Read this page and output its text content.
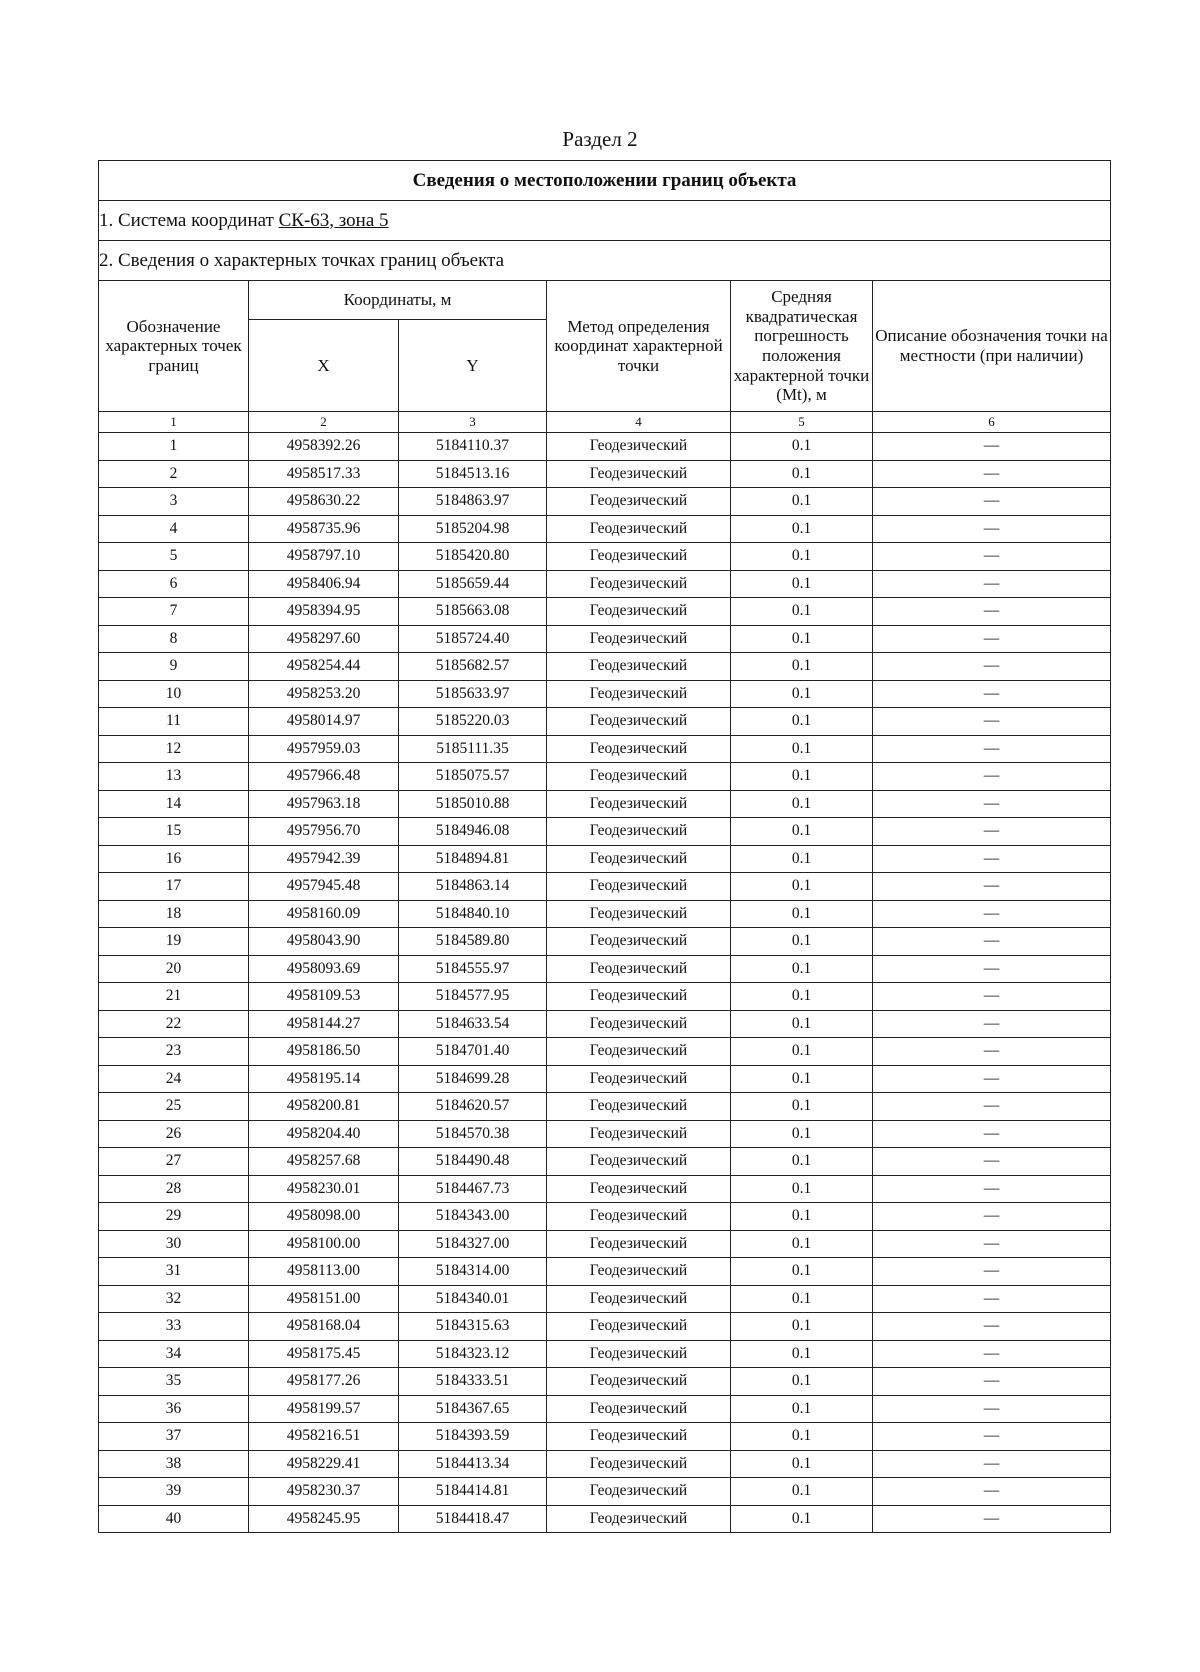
Раздел 2
Сведения о местоположении границ объекта					
1. Система координат СК-63, зона 5					
2. Сведения о характерных точках границ объекта					
Обозначение характерных точек границ	Координаты, м		Метод определения координат характерной точки	Средняя квадратическая погрешность положения характерной точки (Mt), м	Описание обозначения точки на местности (при наличии)
	X	Y			
1	2	3	4	5	6
1	4958392.26	5184110.37	Геодезический	0.1	—
2	4958517.33	5184513.16	Геодезический	0.1	—
3	4958630.22	5184863.97	Геодезический	0.1	—
4	4958735.96	5185204.98	Геодезический	0.1	—
5	4958797.10	5185420.80	Геодезический	0.1	—
6	4958406.94	5185659.44	Геодезический	0.1	—
7	4958394.95	5185663.08	Геодезический	0.1	—
8	4958297.60	5185724.40	Геодезический	0.1	—
9	4958254.44	5185682.57	Геодезический	0.1	—
10	4958253.20	5185633.97	Геодезический	0.1	—
11	4958014.97	5185220.03	Геодезический	0.1	—
12	4957959.03	5185111.35	Геодезический	0.1	—
13	4957966.48	5185075.57	Геодезический	0.1	—
14	4957963.18	5185010.88	Геодезический	0.1	—
15	4957956.70	5184946.08	Геодезический	0.1	—
16	4957942.39	5184894.81	Геодезический	0.1	—
17	4957945.48	5184863.14	Геодезический	0.1	—
18	4958160.09	5184840.10	Геодезический	0.1	—
19	4958043.90	5184589.80	Геодезический	0.1	—
20	4958093.69	5184555.97	Геодезический	0.1	—
21	4958109.53	5184577.95	Геодезический	0.1	—
22	4958144.27	5184633.54	Геодезический	0.1	—
23	4958186.50	5184701.40	Геодезический	0.1	—
24	4958195.14	5184699.28	Геодезический	0.1	—
25	4958200.81	5184620.57	Геодезический	0.1	—
26	4958204.40	5184570.38	Геодезический	0.1	—
27	4958257.68	5184490.48	Геодезический	0.1	—
28	4958230.01	5184467.73	Геодезический	0.1	—
29	4958098.00	5184343.00	Геодезический	0.1	—
30	4958100.00	5184327.00	Геодезический	0.1	—
31	4958113.00	5184314.00	Геодезический	0.1	—
32	4958151.00	5184340.01	Геодезический	0.1	—
33	4958168.04	5184315.63	Геодезический	0.1	—
34	4958175.45	5184323.12	Геодезический	0.1	—
35	4958177.26	5184333.51	Геодезический	0.1	—
36	4958199.57	5184367.65	Геодезический	0.1	—
37	4958216.51	5184393.59	Геодезический	0.1	—
38	4958229.41	5184413.34	Геодезический	0.1	—
39	4958230.37	5184414.81	Геодезический	0.1	—
40	4958245.95	5184418.47	Геодезический	0.1	—
